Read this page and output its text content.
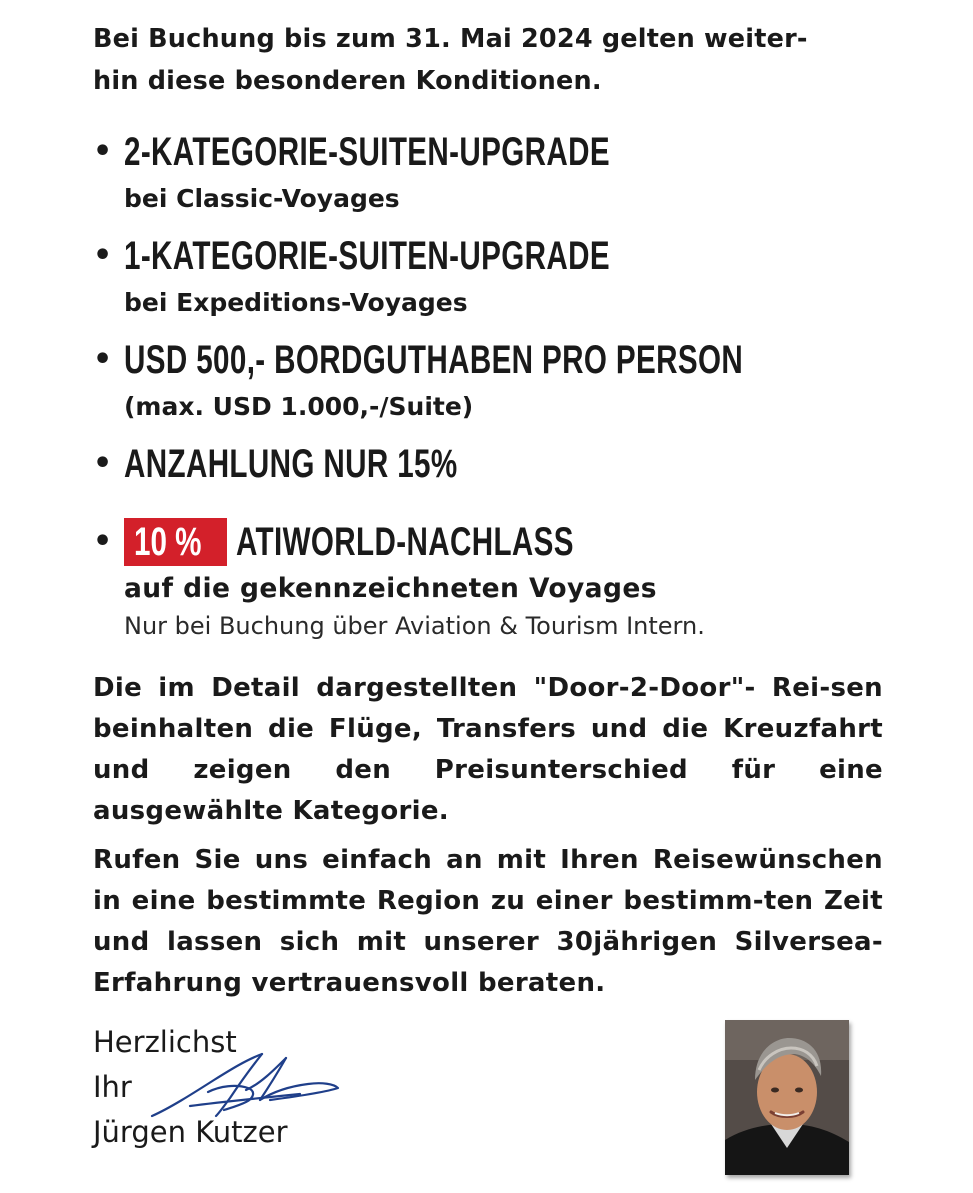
Bei Buchung bis zum 31. Mai 2024 gelten weiter-
hin diese besonderen Konditionen.

• 2-KATEGORIE-SUITEN-UPGRADE
bei Classic-Voyages
• 1-KATEGORIE-SUITEN-UPGRADE
bei Expeditions-Voyages
• USD 500,- BORDGUTHABEN PRO PERSON
(max. USD 1.000,-/Suite)
• ANZAHLUNG NUR 15%
• 10 % ATIWORLD-NACHLASS
auf die gekennzeichneten Voyages
Nur bei Buchung über Aviation & Tourism Intern.

Die im Detail dargestellten "Door-2-Door"- Rei-sen beinhalten die Flüge, Transfers und die Kreuzfahrt und zeigen den Preisunterschied für eine ausgewählte Kategorie.

Rufen Sie uns einfach an mit Ihren Reisewünschen in eine bestimmte Region zu einer bestimm-ten Zeit und lassen sich mit unserer 30jährigen Silversea-Erfahrung vertrauensvoll beraten.

Herzlichst
Ihr
Jürgen Kutzer
